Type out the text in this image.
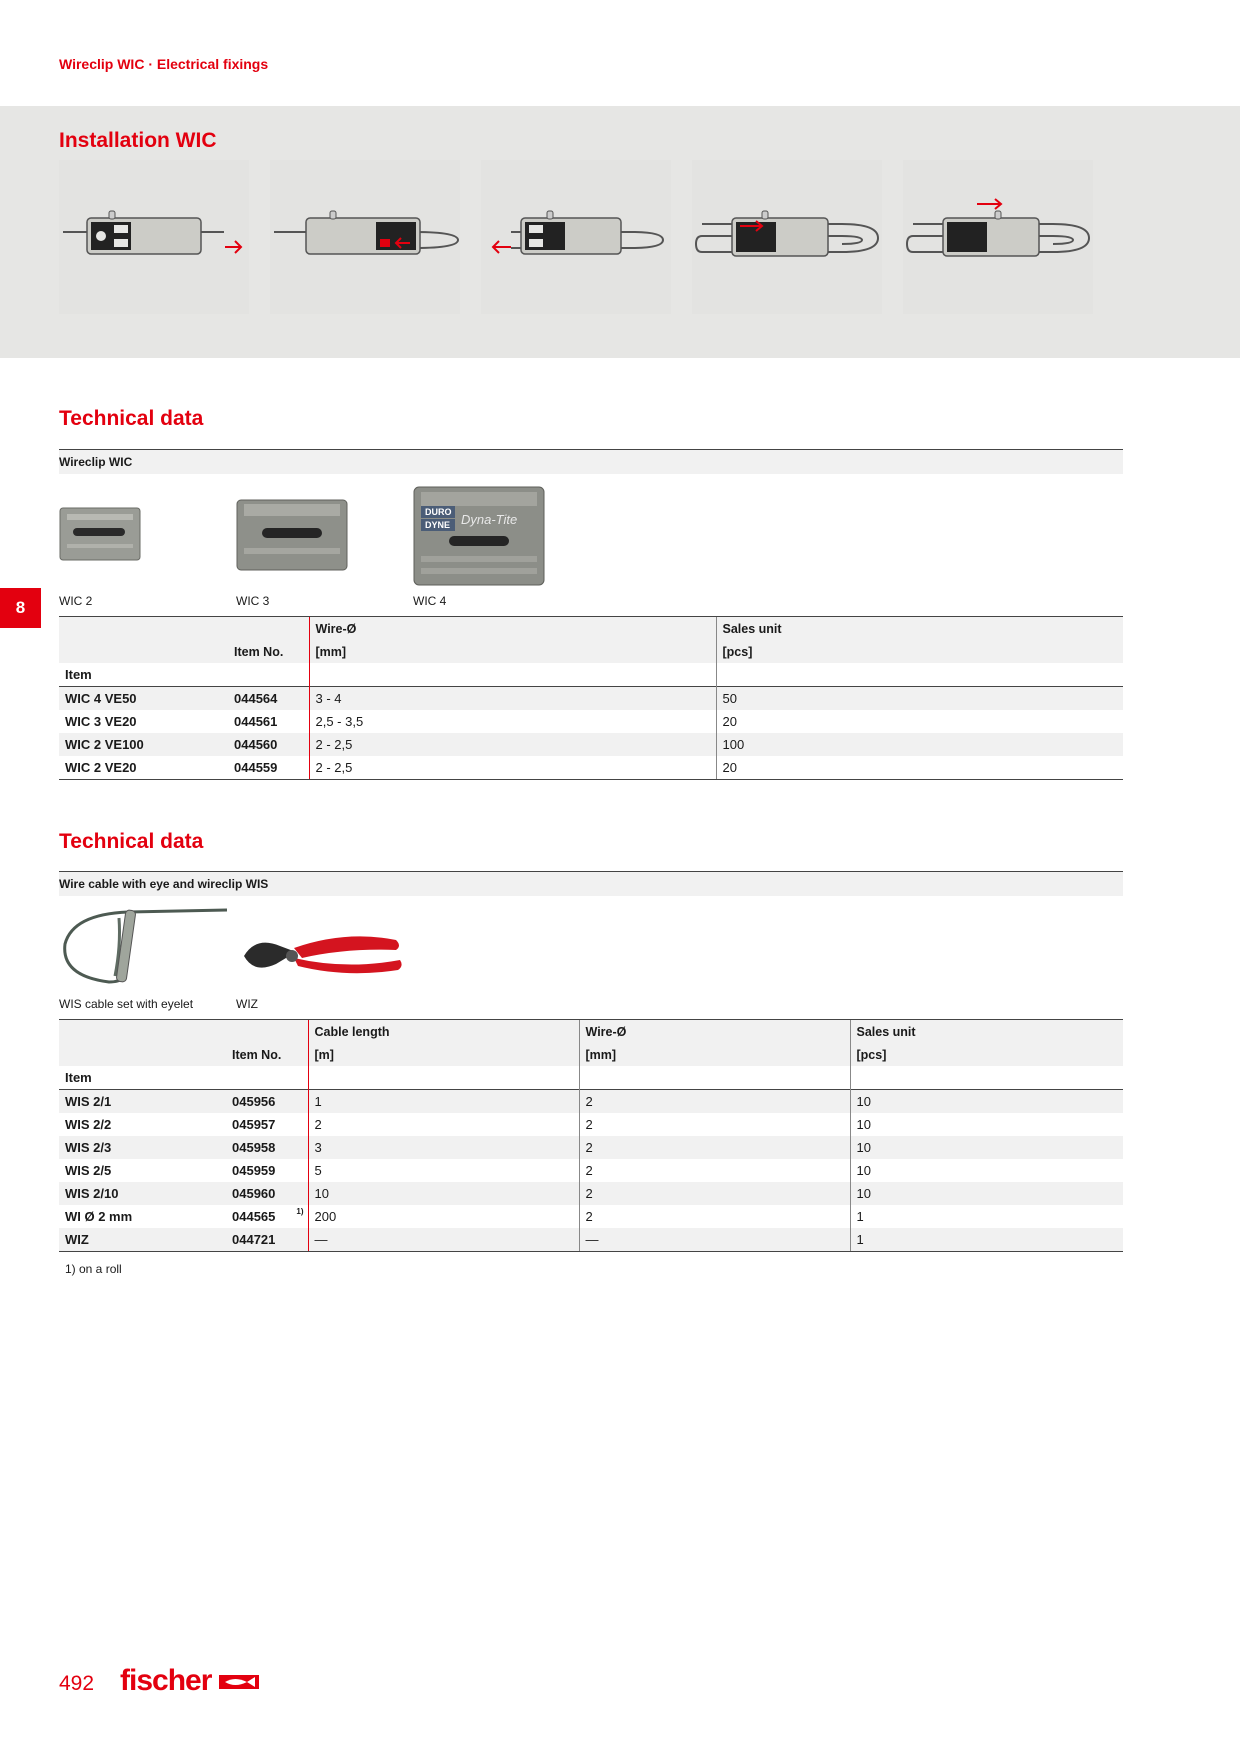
Wireclip WIC · Electrical fixings
Installation WIC
Technical data
Wireclip WIC
DURO
DYNE Dyna-Tite
WIC 2	WIC 3	WIC 4
8
		Wire-Ø	Sales unit
	Item No.	[mm]	[pcs]
Item			
WIC 4 VE50	044564	3 - 4	50
WIC 3 VE20	044561	2,5 - 3,5	20
WIC 2 VE100	044560	2 - 2,5	100
WIC 2 VE20	044559	2 - 2,5	20
Technical data
Wire cable with eye and wireclip WIS
WIS cable set with eyelet	WIZ
		Cable length	Wire-Ø	Sales unit
	Item No.	[m]	[mm]	[pcs]
Item				
WIS 2/1	045956	1	2	10
WIS 2/2	045957	2	2	10
WIS 2/3	045958	3	2	10
WIS 2/5	045959	5	2	10
WIS 2/10	045960	10	2	10
WI Ø 2 mm	044565 1)	200	2	1
WIZ	044721	—	—	1
1) on a roll
492 fischer
